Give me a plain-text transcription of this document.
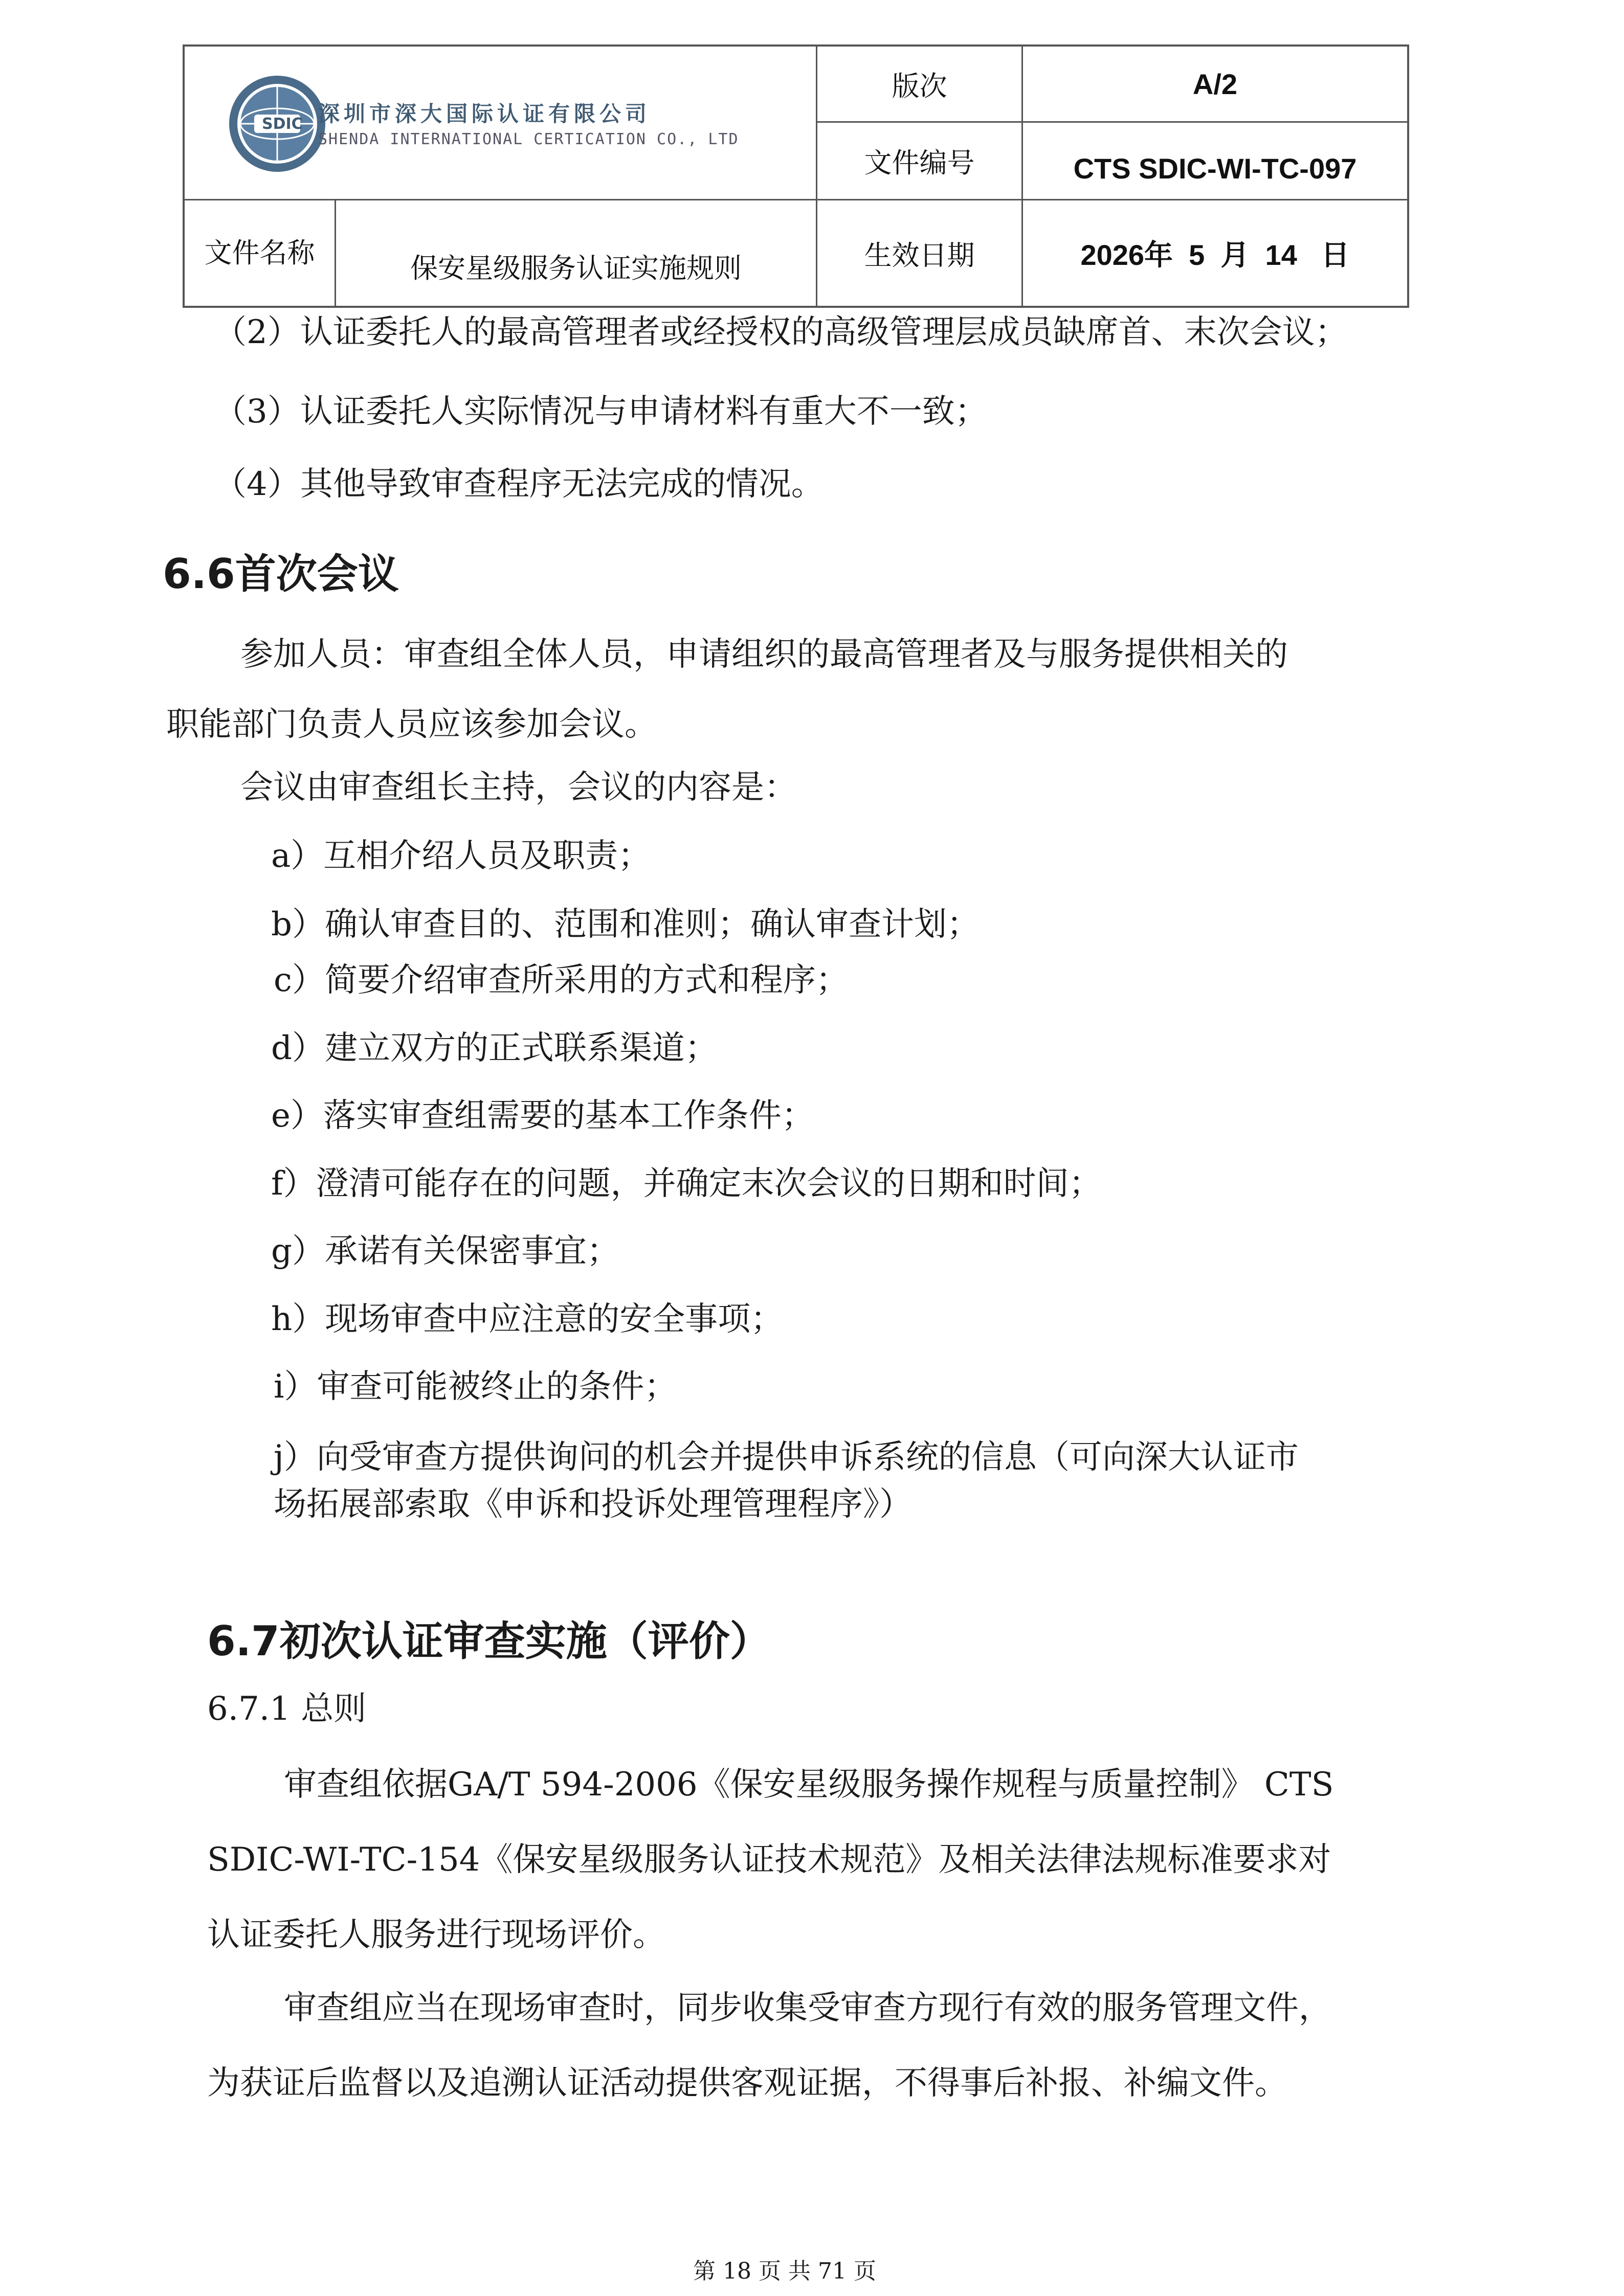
SDIC 深圳市深大国际认证有限公司
SHENDA INTERNATIONAL CERTICATION CO., LTD
版次	A/2
文件编号	CTS SDIC-WI-TC-097
文件名称	保安星级服务认证实施规则	生效日期	2026年  5  月  14   日
（2）认证委托人的最高管理者或经授权的高级管理层成员缺席首、末次会议；
（3）认证委托人实际情况与申请材料有重大不一致；
（4）其他导致审查程序无法完成的情况。
6.6首次会议
参加人员：审查组全体人员，申请组织的最高管理者及与服务提供相关的
职能部门负责人员应该参加会议。
会议由审查组长主持，会议的内容是：
a）互相介绍人员及职责；
b）确认审查目的、范围和准则；确认审查计划；
c）简要介绍审查所采用的方式和程序；
d）建立双方的正式联系渠道；
e）落实审查组需要的基本工作条件；
f）澄清可能存在的问题，并确定末次会议的日期和时间；
g）承诺有关保密事宜；
h）现场审查中应注意的安全事项；
i）审查可能被终止的条件；
j）向受审查方提供询问的机会并提供申诉系统的信息（可向深大认证市
场拓展部索取《申诉和投诉处理管理程序》）
6.7初次认证审查实施（评价）
6.7.1 总则
审查组依据GA/T 594-2006《保安星级服务操作规程与质量控制》 CTS
SDIC-WI-TC-154《保安星级服务认证技术规范》及相关法律法规标准要求对
认证委托人服务进行现场评价。
审查组应当在现场审查时，同步收集受审查方现行有效的服务管理文件，
为获证后监督以及追溯认证活动提供客观证据，不得事后补报、补编文件。
第 18 页 共 71 页
